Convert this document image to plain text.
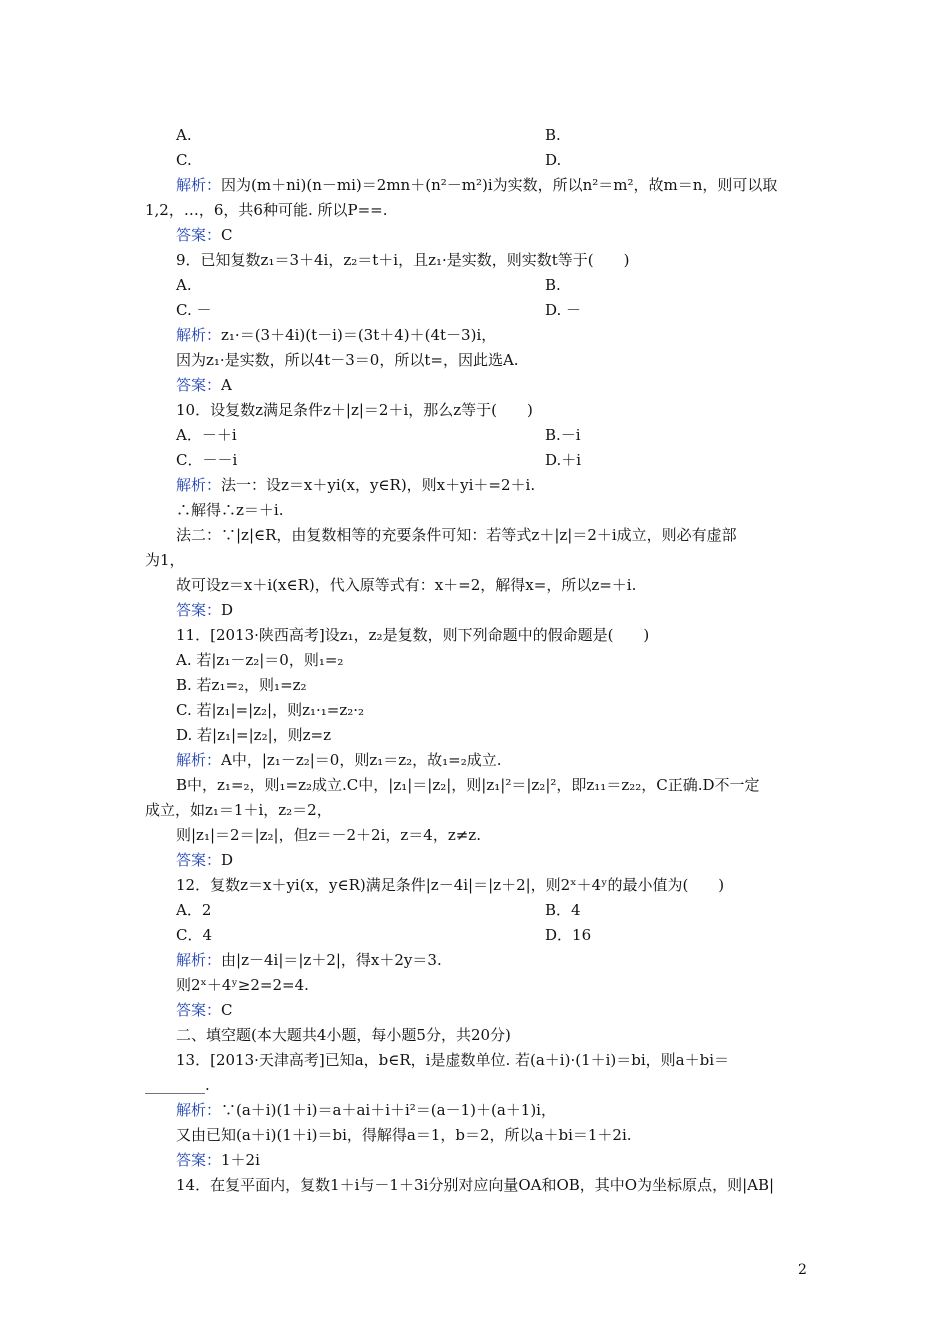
A.	B.
C.	D.
解析：因为(m＋ni)(n－mi)＝2mn＋(n²－m²)i为实数，所以n²＝m²，故m＝n，则可以取
1,2，…，6，共6种可能. 所以P==.
答案：C
9．已知复数z₁＝3＋4i，z₂＝t＋i，且z₁·是实数，则实数t等于(　　)
A.	B.
C. －	D. －
解析：z₁·＝(3＋4i)(t－i)＝(3t＋4)＋(4t－3)i，
因为z₁·是实数，所以4t－3＝0，所以t=，因此选A.
答案：A
10．设复数z满足条件z＋|z|＝2＋i，那么z等于(　　)
A．－＋i	B.－i
C．－－i	D.＋i
解析：法一：设z＝x＋yi(x，y∈R)，则x＋yi＋=2＋i.
∴解得∴z＝＋i.
法二：∵|z|∈R，由复数相等的充要条件可知：若等式z＋|z|＝2＋i成立，则必有虚部
为1，
故可设z＝x＋i(x∈R)，代入原等式有：x＋=2，解得x=，所以z=＋i.
答案：D
11．[2013·陕西高考]设z₁，z₂是复数，则下列命题中的假命题是(　　)
A. 若|z₁－z₂|＝0，则₁=₂
B. 若z₁=₂，则₁=z₂
C. 若|z₁|=|z₂|，则z₁·₁=z₂·₂
D. 若|z₁|=|z₂|，则z=z
解析：A中，|z₁－z₂|＝0，则z₁＝z₂，故₁=₂成立.
B中，z₁=₂，则₁=z₂成立.C中，|z₁|＝|z₂|，则|z₁|²＝|z₂|²，即z₁₁＝z₂₂，C正确.D不一定
成立，如z₁＝1＋i，z₂＝2，
则|z₁|＝2＝|z₂|，但z＝－2＋2i，z＝4，z≠z.
答案：D
12．复数z＝x＋yi(x，y∈R)满足条件|z－4i|＝|z＋2|，则2ˣ＋4ʸ的最小值为(　　)
A．2	B．4
C．4	D．16
解析：由|z－4i|＝|z＋2|，得x＋2y＝3.
则2ˣ＋4ʸ≥2=2=4.
答案：C
二、填空题(本大题共4小题，每小题5分，共20分)
13．[2013·天津高考]已知a，b∈R，i是虚数单位. 若(a＋i)·(1＋i)＝bi，则a＋bi＝
________.
解析：∵(a＋i)(1＋i)＝a＋ai＋i＋i²＝(a－1)＋(a＋1)i，
又由已知(a＋i)(1＋i)＝bi，得解得a＝1，b＝2，所以a＋bi＝1＋2i.
答案：1＋2i
14．在复平面内，复数1＋i与－1＋3i分别对应向量OA和OB，其中O为坐标原点，则|AB|
2
